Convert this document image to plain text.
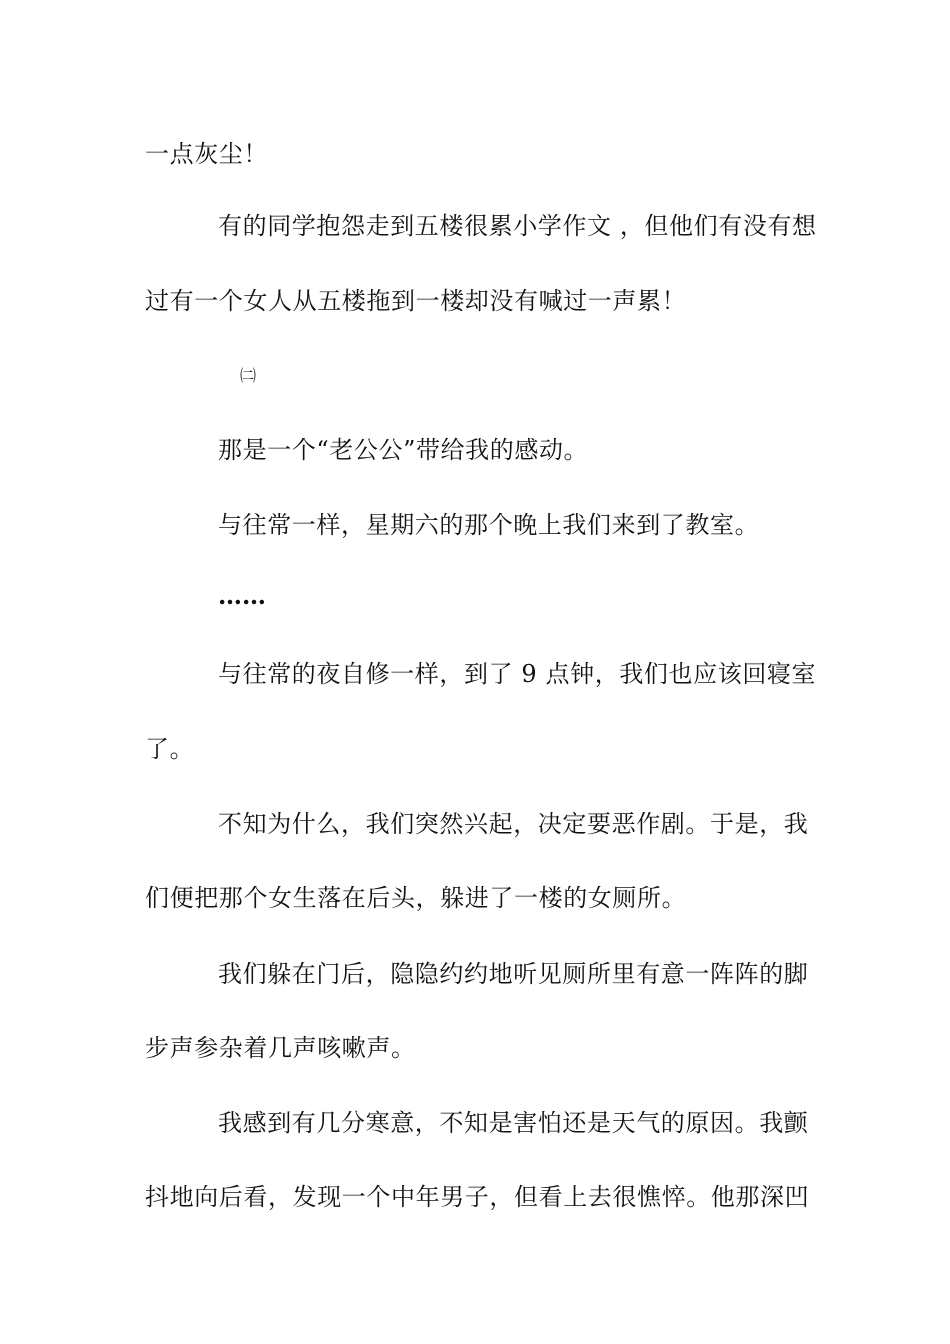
一点灰尘！

有的同学抱怨走到五楼很累小学作文 ，但他们有没有想

过有一个女人从五楼拖到一楼却没有喊过一声累！

㈡

那是一个“老公公”带给我的感动。

与往常一样，星期六的那个晚上我们来到了教室。

……

与往常的夜自修一样，到了 9 点钟，我们也应该回寝室

了。

不知为什么，我们突然兴起，决定要恶作剧。于是，我

们便把那个女生落在后头，躲进了一楼的女厕所。

我们躲在门后，隐隐约约地听见厕所里有意一阵阵的脚

步声参杂着几声咳嗽声。

我感到有几分寒意，不知是害怕还是天气的原因。我颤

抖地向后看，发现一个中年男子，但看上去很憔悴。他那深凹
